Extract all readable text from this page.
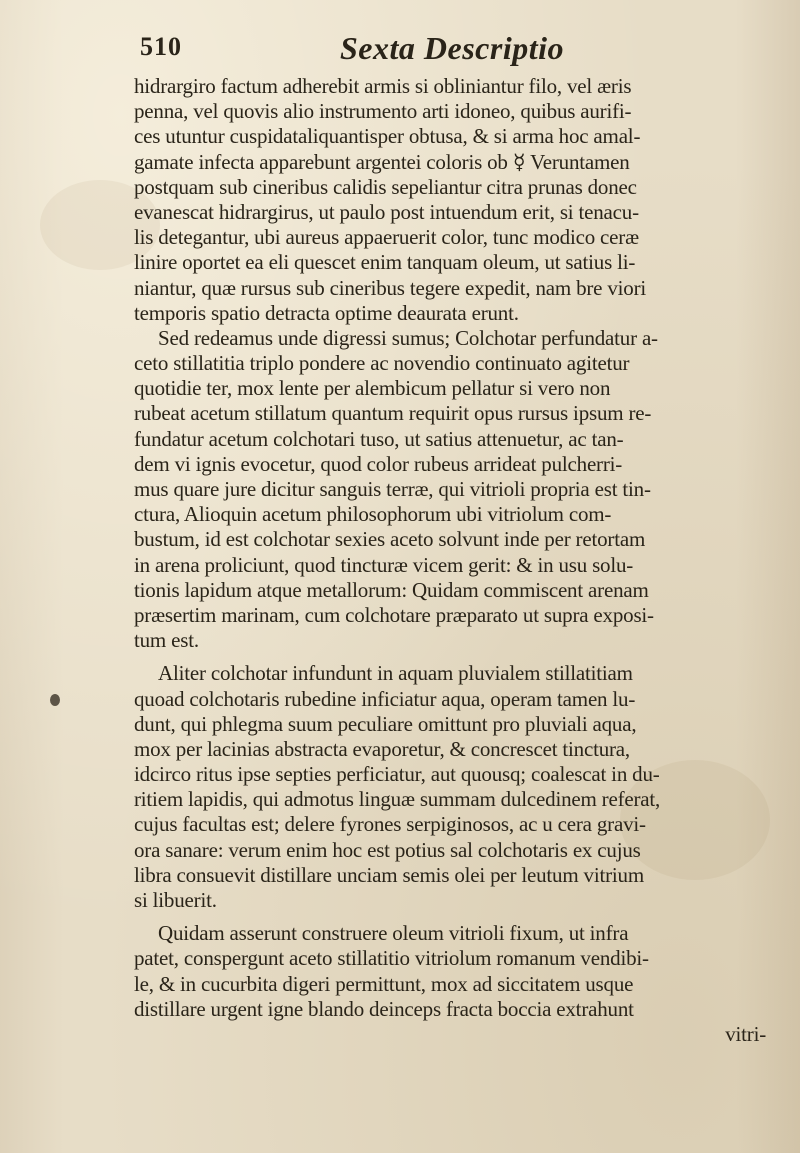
510	Sexta Descriptio
hidrargiro factum adherebit armis si obliniantur filo, vel æris
penna, vel quovis alio instrumento arti idoneo, quibus aurifi-
ces utuntur cuspidataliquantisper obtusa, & si arma hoc amal-
gamate infecta apparebunt argentei coloris ob ☿ Veruntamen
postquam sub cineribus calidis sepeliantur citra prunas donec
evanescat hidrargirus, ut paulo post intuendum erit, si tenacu-
lis detegantur, ubi aureus appaeruerit color, tunc modico ceræ
linire oportet ea eli quescet enim tanquam oleum, ut satius li-
niantur, quæ rursus sub cineribus tegere expedit, nam bre viori
temporis spatio detracta optime deaurata erunt.
Sed redeamus unde digressi sumus; Colchotar perfundatur a-
ceto stillatitia triplo pondere ac novendio continuato agitetur
quotidie ter, mox lente per alembicum pellatur si vero non
rubeat acetum stillatum quantum requirit opus rursus ipsum re-
fundatur acetum colchotari tuso, ut satius attenuetur, ac tan-
dem vi ignis evocetur, quod color rubeus arrideat pulcherri-
mus quare jure dicitur sanguis terræ, qui vitrioli propria est tin-
ctura, Alioquin acetum philosophorum ubi vitriolum com-
bustum, id est colchotar sexies aceto solvunt inde per retortam
in arena proliciunt, quod tincturæ vicem gerit: & in usu solu-
tionis lapidum atque metallorum: Quidam commiscent arenam
præsertim marinam, cum colchotare præparato ut supra exposi-
tum est.
Aliter colchotar infundunt in aquam pluvialem stillatitiam
quoad colchotaris rubedine inficiatur aqua, operam tamen lu-
dunt, qui phlegma suum peculiare omittunt pro pluviali aqua,
mox per lacinias abstracta evaporetur, & concrescet tinctura,
idcirco ritus ipse septies perficiatur, aut quousq; coalescat in du-
ritiem lapidis, qui admotus linguæ summam dulcedinem referat,
cujus facultas est; delere fyrones serpiginosos, ac u cera gravi-
ora sanare: verum enim hoc est potius sal colchotaris ex cujus
libra consuevit distillare unciam semis olei per leutum vitrium
si libuerit.
Quidam asserunt construere oleum vitrioli fixum, ut infra
patet, conspergunt aceto stillatitio vitriolum romanum vendibi-
le, & in cucurbita digeri permittunt, mox ad siccitatem usque
distillare urgent igne blando deinceps fracta boccia extrahunt
vitri-
